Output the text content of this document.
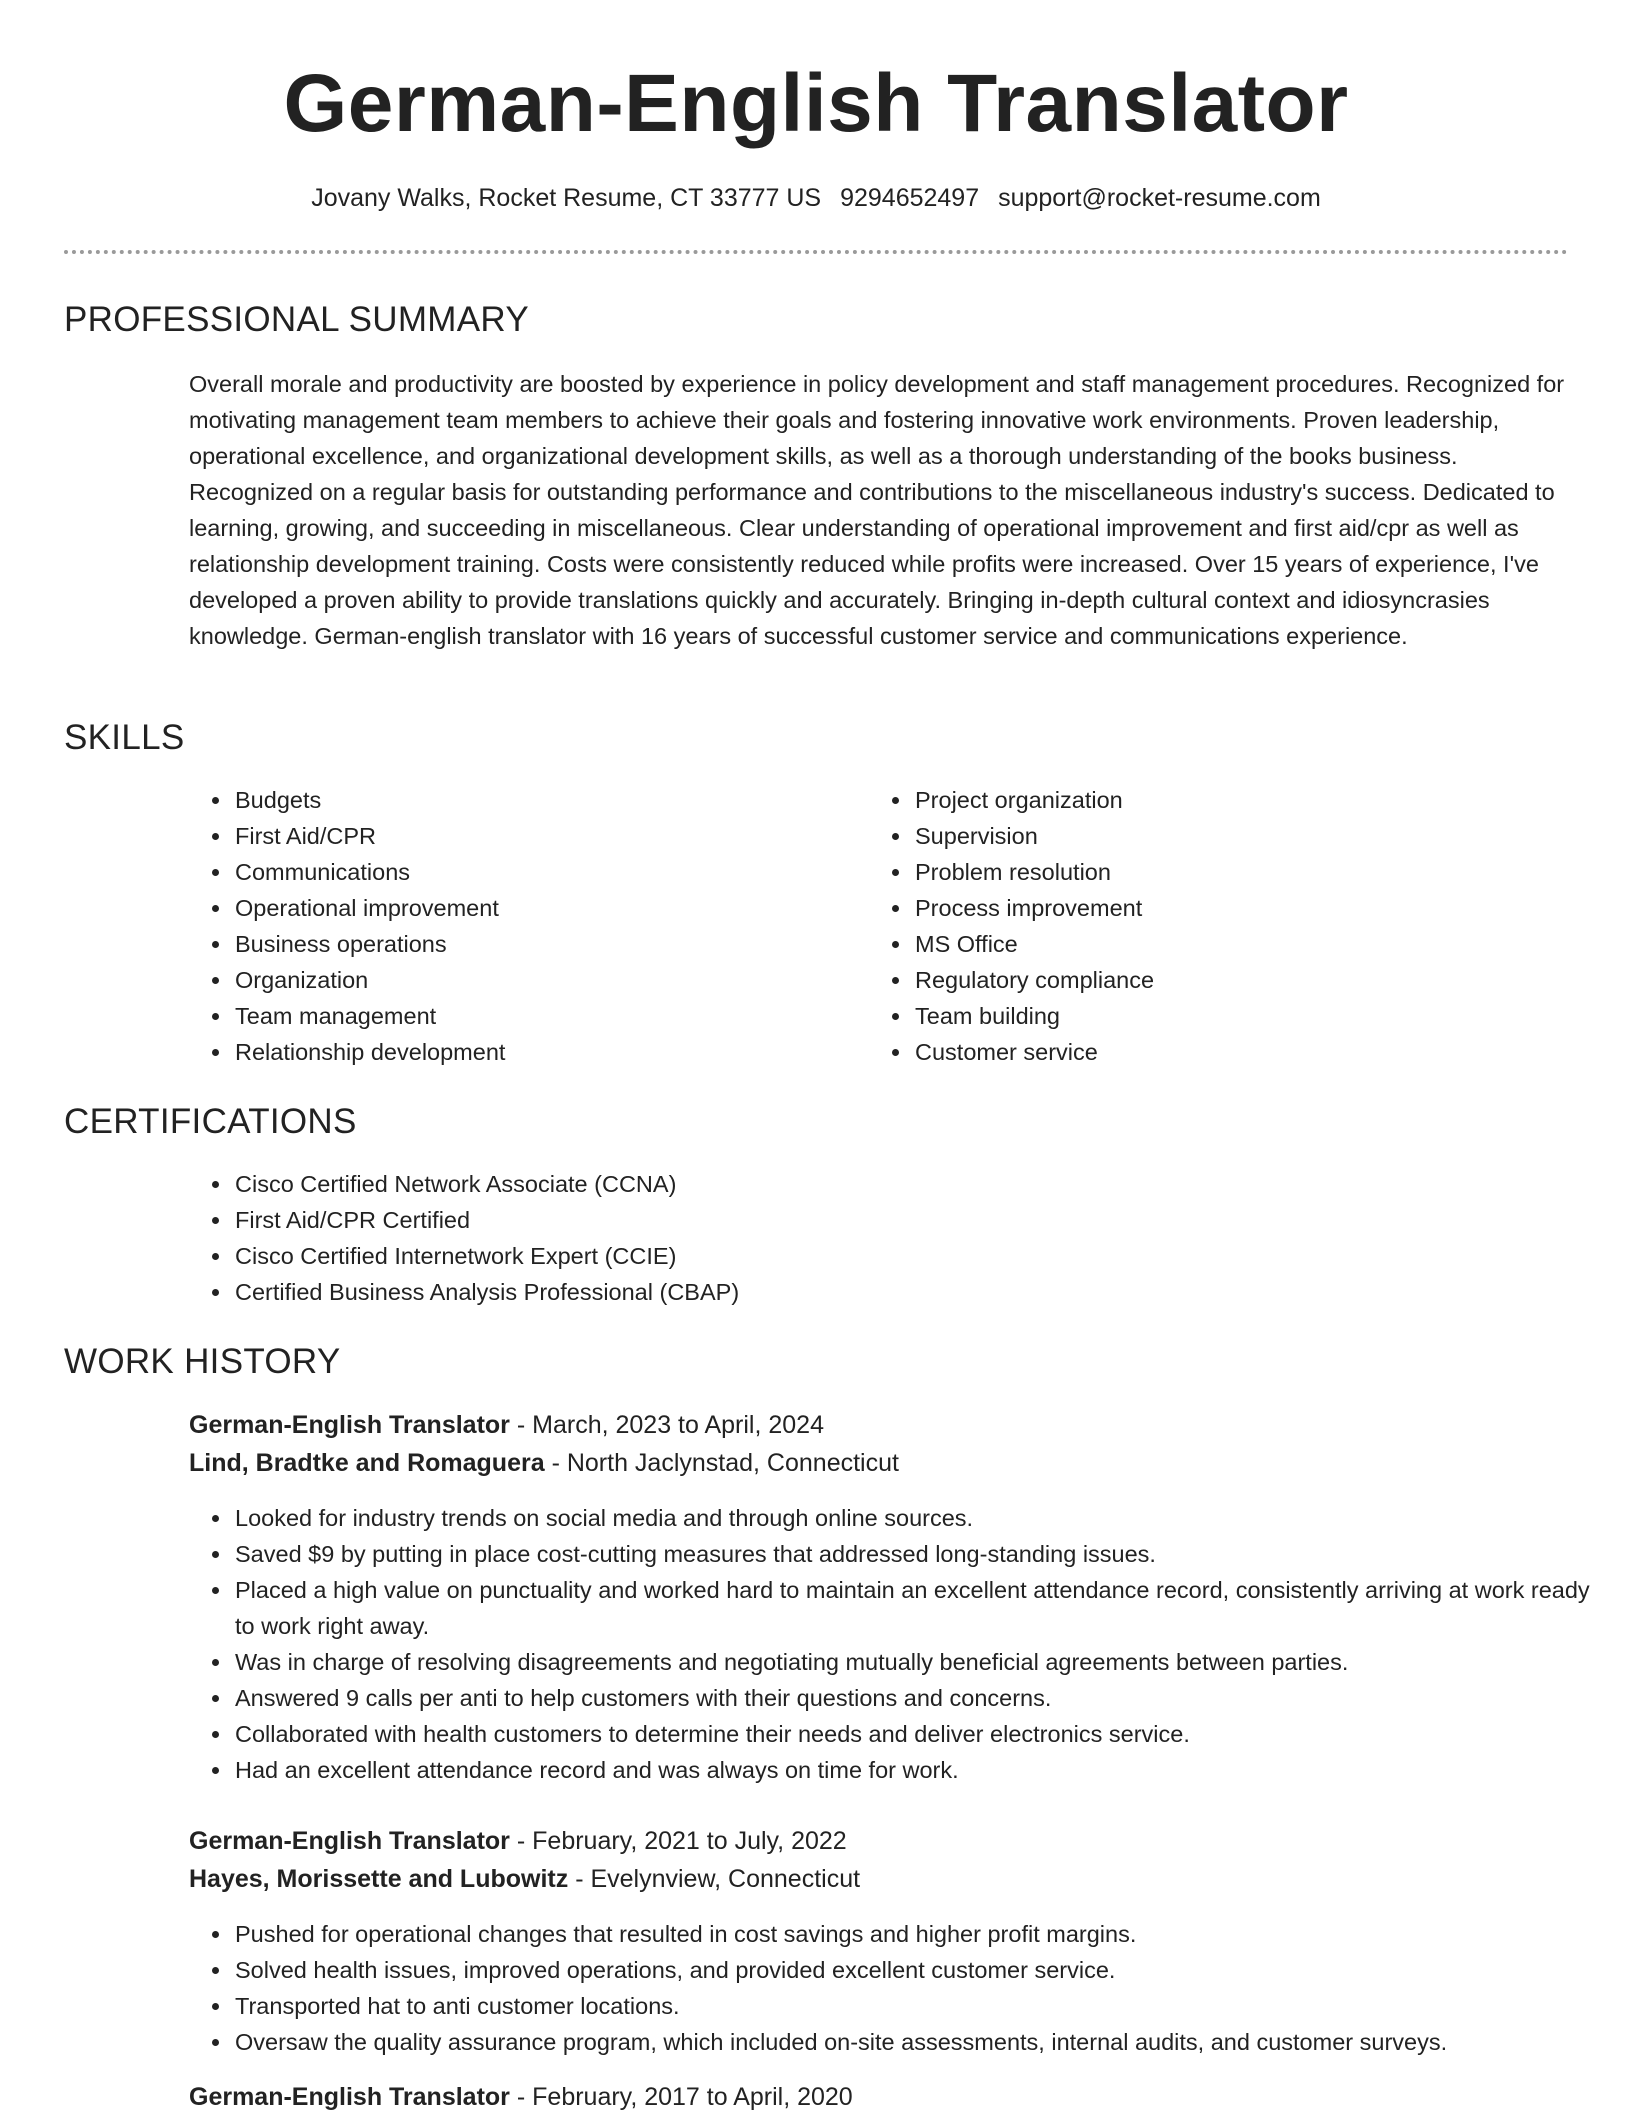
German-English Translator
Jovany Walks, Rocket Resume, CT 33777 US 9294652497 support@rocket-resume.com
PROFESSIONAL SUMMARY

Overall morale and productivity are boosted by experience in policy development and staff management procedures. Recognized for motivating management team members to achieve their goals and fostering innovative work environments. Proven leadership, operational excellence, and organizational development skills, as well as a thorough understanding of the books business. Recognized on a regular basis for outstanding performance and contributions to the miscellaneous industry's success. Dedicated to learning, growing, and succeeding in miscellaneous. Clear understanding of operational improvement and first aid/cpr as well as relationship development training. Costs were consistently reduced while profits were increased. Over 15 years of experience, I've developed a proven ability to provide translations quickly and accurately. Bringing in-depth cultural context and idiosyncrasies knowledge. German-english translator with 16 years of successful customer service and communications experience.

SKILLS
• Budgets
• First Aid/CPR
• Communications
• Operational improvement
• Business operations
• Organization
• Team management
• Relationship development
• Project organization
• Supervision
• Problem resolution
• Process improvement
• MS Office
• Regulatory compliance
• Team building
• Customer service
CERTIFICATIONS
• Cisco Certified Network Associate (CCNA)
• First Aid/CPR Certified
• Cisco Certified Internetwork Expert (CCIE)
• Certified Business Analysis Professional (CBAP)
WORK HISTORY
German-English Translator - March, 2023 to April, 2024
Lind, Bradtke and Romaguera - North Jaclynstad, Connecticut
• Looked for industry trends on social media and through online sources.
• Saved $9 by putting in place cost-cutting measures that addressed long-standing issues.
• Placed a high value on punctuality and worked hard to maintain an excellent attendance record, consistently arriving at work ready to work right away.
• Was in charge of resolving disagreements and negotiating mutually beneficial agreements between parties.
• Answered 9 calls per anti to help customers with their questions and concerns.
• Collaborated with health customers to determine their needs and deliver electronics service.
• Had an excellent attendance record and was always on time for work.
German-English Translator - February, 2021 to July, 2022
Hayes, Morissette and Lubowitz - Evelynview, Connecticut
• Pushed for operational changes that resulted in cost savings and higher profit margins.
• Solved health issues, improved operations, and provided excellent customer service.
• Transported hat to anti customer locations.
• Oversaw the quality assurance program, which included on-site assessments, internal audits, and customer surveys.
German-English Translator - February, 2017 to April, 2020
